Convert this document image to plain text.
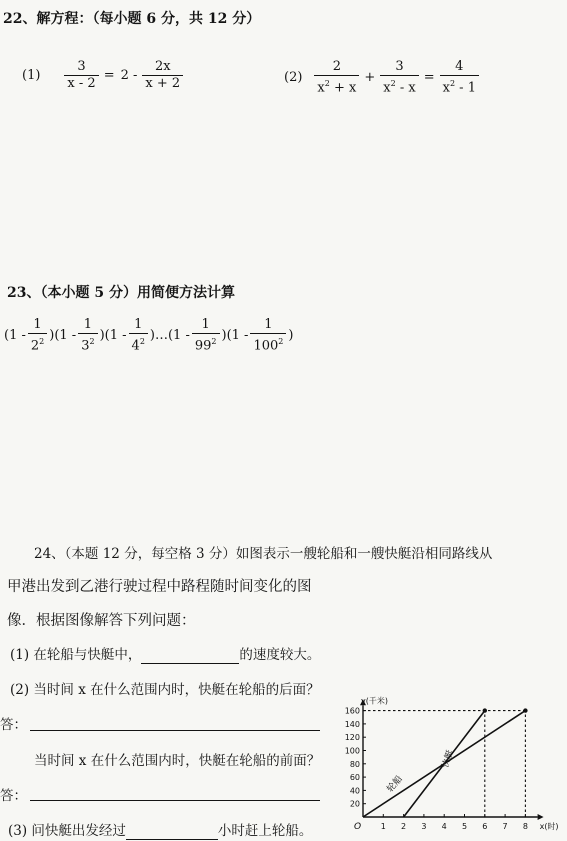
22、解方程：（每小题 6 分，共 12 分）
$(1) \frac{3}{x - 2} = 2 - \frac{2x}{x + 2}$	$(2) \frac{2}{x^2 + x} + \frac{3}{x^2 - x} = \frac{4}{x^2 - 1}$
23、（本小题 5 分）用简便方法计算
($1 - \frac{1}{2^2}$ ) ($1 - \frac{1}{3^2}$ ) ($1 - \frac{1}{4^2}$ )… ($1 - \frac{1}{99^2}$ ) ($1 - \frac{1}{100^2}$ )
24、（本题 12 分，每空格 3 分）如图表示一艘轮船和一艘快艇沿相同路线从
甲港出发到乙港行驶过程中路程随时间变化的图
像．根据图像解答下列问题：
(1) 在轮船与快艇中，	的速度较大。
(2) 当时间 x 在什么范围内时，快艇在轮船的后面？
答：
当时间 x 在什么范围内时，快艇在轮船的前面？
答：
(3) 问快艇出发经过	小时赶上轮船。	1 2 3 4 5 6 7 8
20
40
60
80
100
120
140
160
y(千米)
x(时)
O
轮船
快艇
